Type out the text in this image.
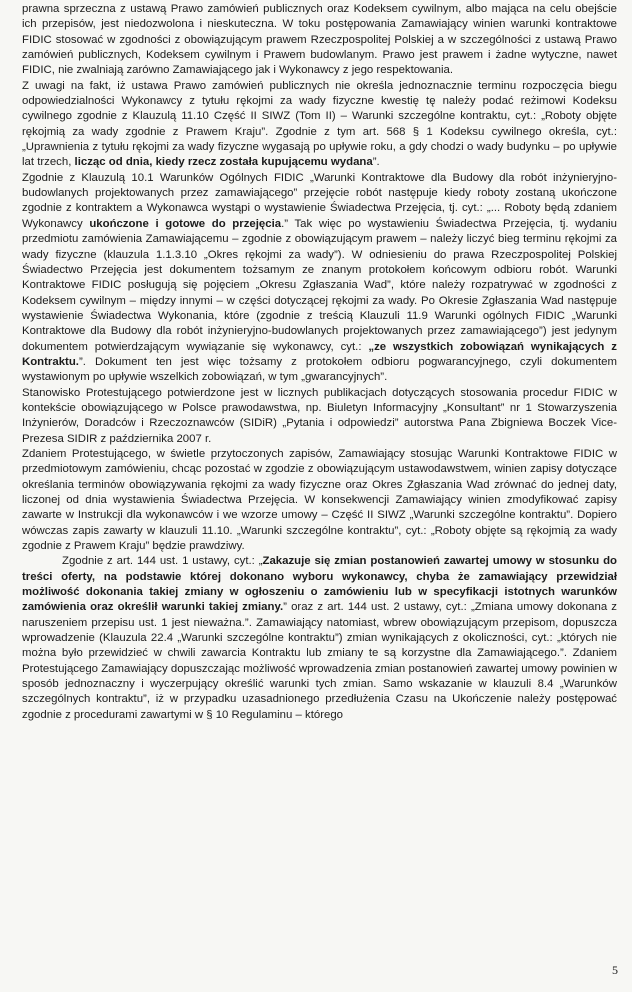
prawna sprzeczna z ustawą Prawo zamówień publicznych oraz Kodeksem cywilnym, albo mająca na celu obejście ich przepisów, jest niedozwolona i nieskuteczna. W toku postępowania Zamawiający winien warunki kontraktowe FIDIC stosować w zgodności z obowiązującym prawem Rzeczpospolitej Polskiej a w szczególności z ustawą Prawo zamówień publicznych, Kodeksem cywilnym i Prawem budowlanym. Prawo jest prawem i żadne wytyczne, nawet FIDIC, nie zwalniają zarówno Zamawiającego jak i Wykonawcy z jego respektowania.

Z uwagi na fakt, iż ustawa Prawo zamówień publicznych nie określa jednoznacznie terminu rozpoczęcia biegu odpowiedzialności Wykonawcy z tytułu rękojmi za wady fizyczne kwestię tę należy podać reżimowi Kodeksu cywilnego zgodnie z Klauzulą 11.10 Część II SIWZ (Tom II) – Warunki szczególne kontraktu, cyt.: „Roboty objęte rękojmią za wady zgodnie z Prawem Kraju”. Zgodnie z tym art. 568 § 1 Kodeksu cywilnego określa, cyt.: „Uprawnienia z tytułu rękojmi za wady fizyczne wygasają po upływie roku, a gdy chodzi o wady budynku – po upływie lat trzech, licząc od dnia, kiedy rzecz została kupującemu wydana”.

Zgodnie z Klauzulą 10.1 Warunków Ogólnych FIDIC „Warunki Kontraktowe dla Budowy dla robót inżynieryjno-budowlanych projektowanych przez zamawiającego” przejęcie robót następuje kiedy roboty zostaną ukończone zgodnie z kontraktem a Wykonawca wystąpi o wystawienie Świadectwa Przejęcia, tj. cyt.: „... Roboty będą zdaniem Wykonawcy ukończone i gotowe do przejęcia.” Tak więc po wystawieniu Świadectwa Przejęcia, tj. wydaniu przedmiotu zamówienia Zamawiającemu – zgodnie z obowiązującym prawem – należy liczyć bieg terminu rękojmi za wady fizyczne (klauzula 1.1.3.10 „Okres rękojmi za wady”). W odniesieniu do prawa Rzeczpospolitej Polskiej Świadectwo Przejęcia jest dokumentem tożsamym ze znanym protokołem końcowym odbioru robót. Warunki Kontraktowe FIDIC posługują się pojęciem „Okresu Zgłaszania Wad”, które należy rozpatrywać w zgodności z Kodeksem cywilnym – między innymi – w części dotyczącej rękojmi za wady. Po Okresie Zgłaszania Wad następuje wystawienie Świadectwa Wykonania, które (zgodnie z treścią Klauzuli 11.9 Warunki ogólnych FIDIC „Warunki Kontraktowe dla Budowy dla robót inżynieryjno-budowlanych projektowanych przez zamawiającego”) jest jedynym dokumentem potwierdzającym wywiązanie się wykonawcy, cyt.: „ze wszystkich zobowiązań wynikających z Kontraktu.”. Dokument ten jest więc tożsamy z protokołem odbioru pogwarancyjnego, czyli dokumentem wystawionym po upływie wszelkich zobowiązań, w tym „gwarancyjnych”.

Stanowisko Protestującego potwierdzone jest w licznych publikacjach dotyczących stosowania procedur FIDIC w kontekście obowiązującego w Polsce prawodawstwa, np. Biuletyn Informacyjny „Konsultant” nr 1 Stowarzyszenia Inżynierów, Doradców i Rzeczoznawców (SIDiR) „Pytania i odpowiedzi” autorstwa Pana Zbigniewa Boczek Vice-Prezesa SIDIR z października 2007 r.

Zdaniem Protestującego, w świetle przytoczonych zapisów, Zamawiający stosując Warunki Kontraktowe FIDIC w przedmiotowym zamówieniu, chcąc pozostać w zgodzie z obowiązującym ustawodawstwem, winien zapisy dotyczące określania terminów obowiązywania rękojmi za wady fizyczne oraz Okres Zgłaszania Wad zrównać do jednej daty, liczonej od dnia wystawienia Świadectwa Przejęcia. W konsekwencji Zamawiający winien zmodyfikować zapisy zawarte w Instrukcji dla wykonawców i we wzorze umowy – Część II SIWZ „Warunki szczególne kontraktu”. Dopiero wówczas zapis zawarty w klauzuli 11.10. „Warunki szczególne kontraktu”, cyt.: „Roboty objęte są rękojmią za wady zgodnie z Prawem Kraju” będzie prawdziwy.

Zgodnie z art. 144 ust. 1 ustawy, cyt.: „Zakazuje się zmian postanowień zawartej umowy w stosunku do treści oferty, na podstawie której dokonano wyboru wykonawcy, chyba że zamawiający przewidział możliwość dokonania takiej zmiany w ogłoszeniu o zamówieniu lub w specyfikacji istotnych warunków zamówienia oraz określił warunki takiej zmiany.” oraz z art. 144 ust. 2 ustawy, cyt.: „Zmiana umowy dokonana z naruszeniem przepisu ust. 1 jest nieważna.”. Zamawiający natomiast, wbrew obowiązującym przepisom, dopuszcza wprowadzenie (Klauzula 22.4 „Warunki szczególne kontraktu”) zmian wynikających z okoliczności, cyt.: „których nie można było przewidzieć w chwili zawarcia Kontraktu lub zmiany te są korzystne dla Zamawiającego.”. Zdaniem Protestującego Zamawiający dopuszczając możliwość wprowadzenia zmian postanowień zawartej umowy powinien w sposób jednoznaczny i wyczerpujący określić warunki tych zmian. Samo wskazanie w klauzuli 8.4 „Warunków szczególnych kontraktu”, iż w przypadku uzasadnionego przedłużenia Czasu na Ukończenie należy postępować zgodnie z procedurami zawartymi w § 10 Regulaminu – którego

5
